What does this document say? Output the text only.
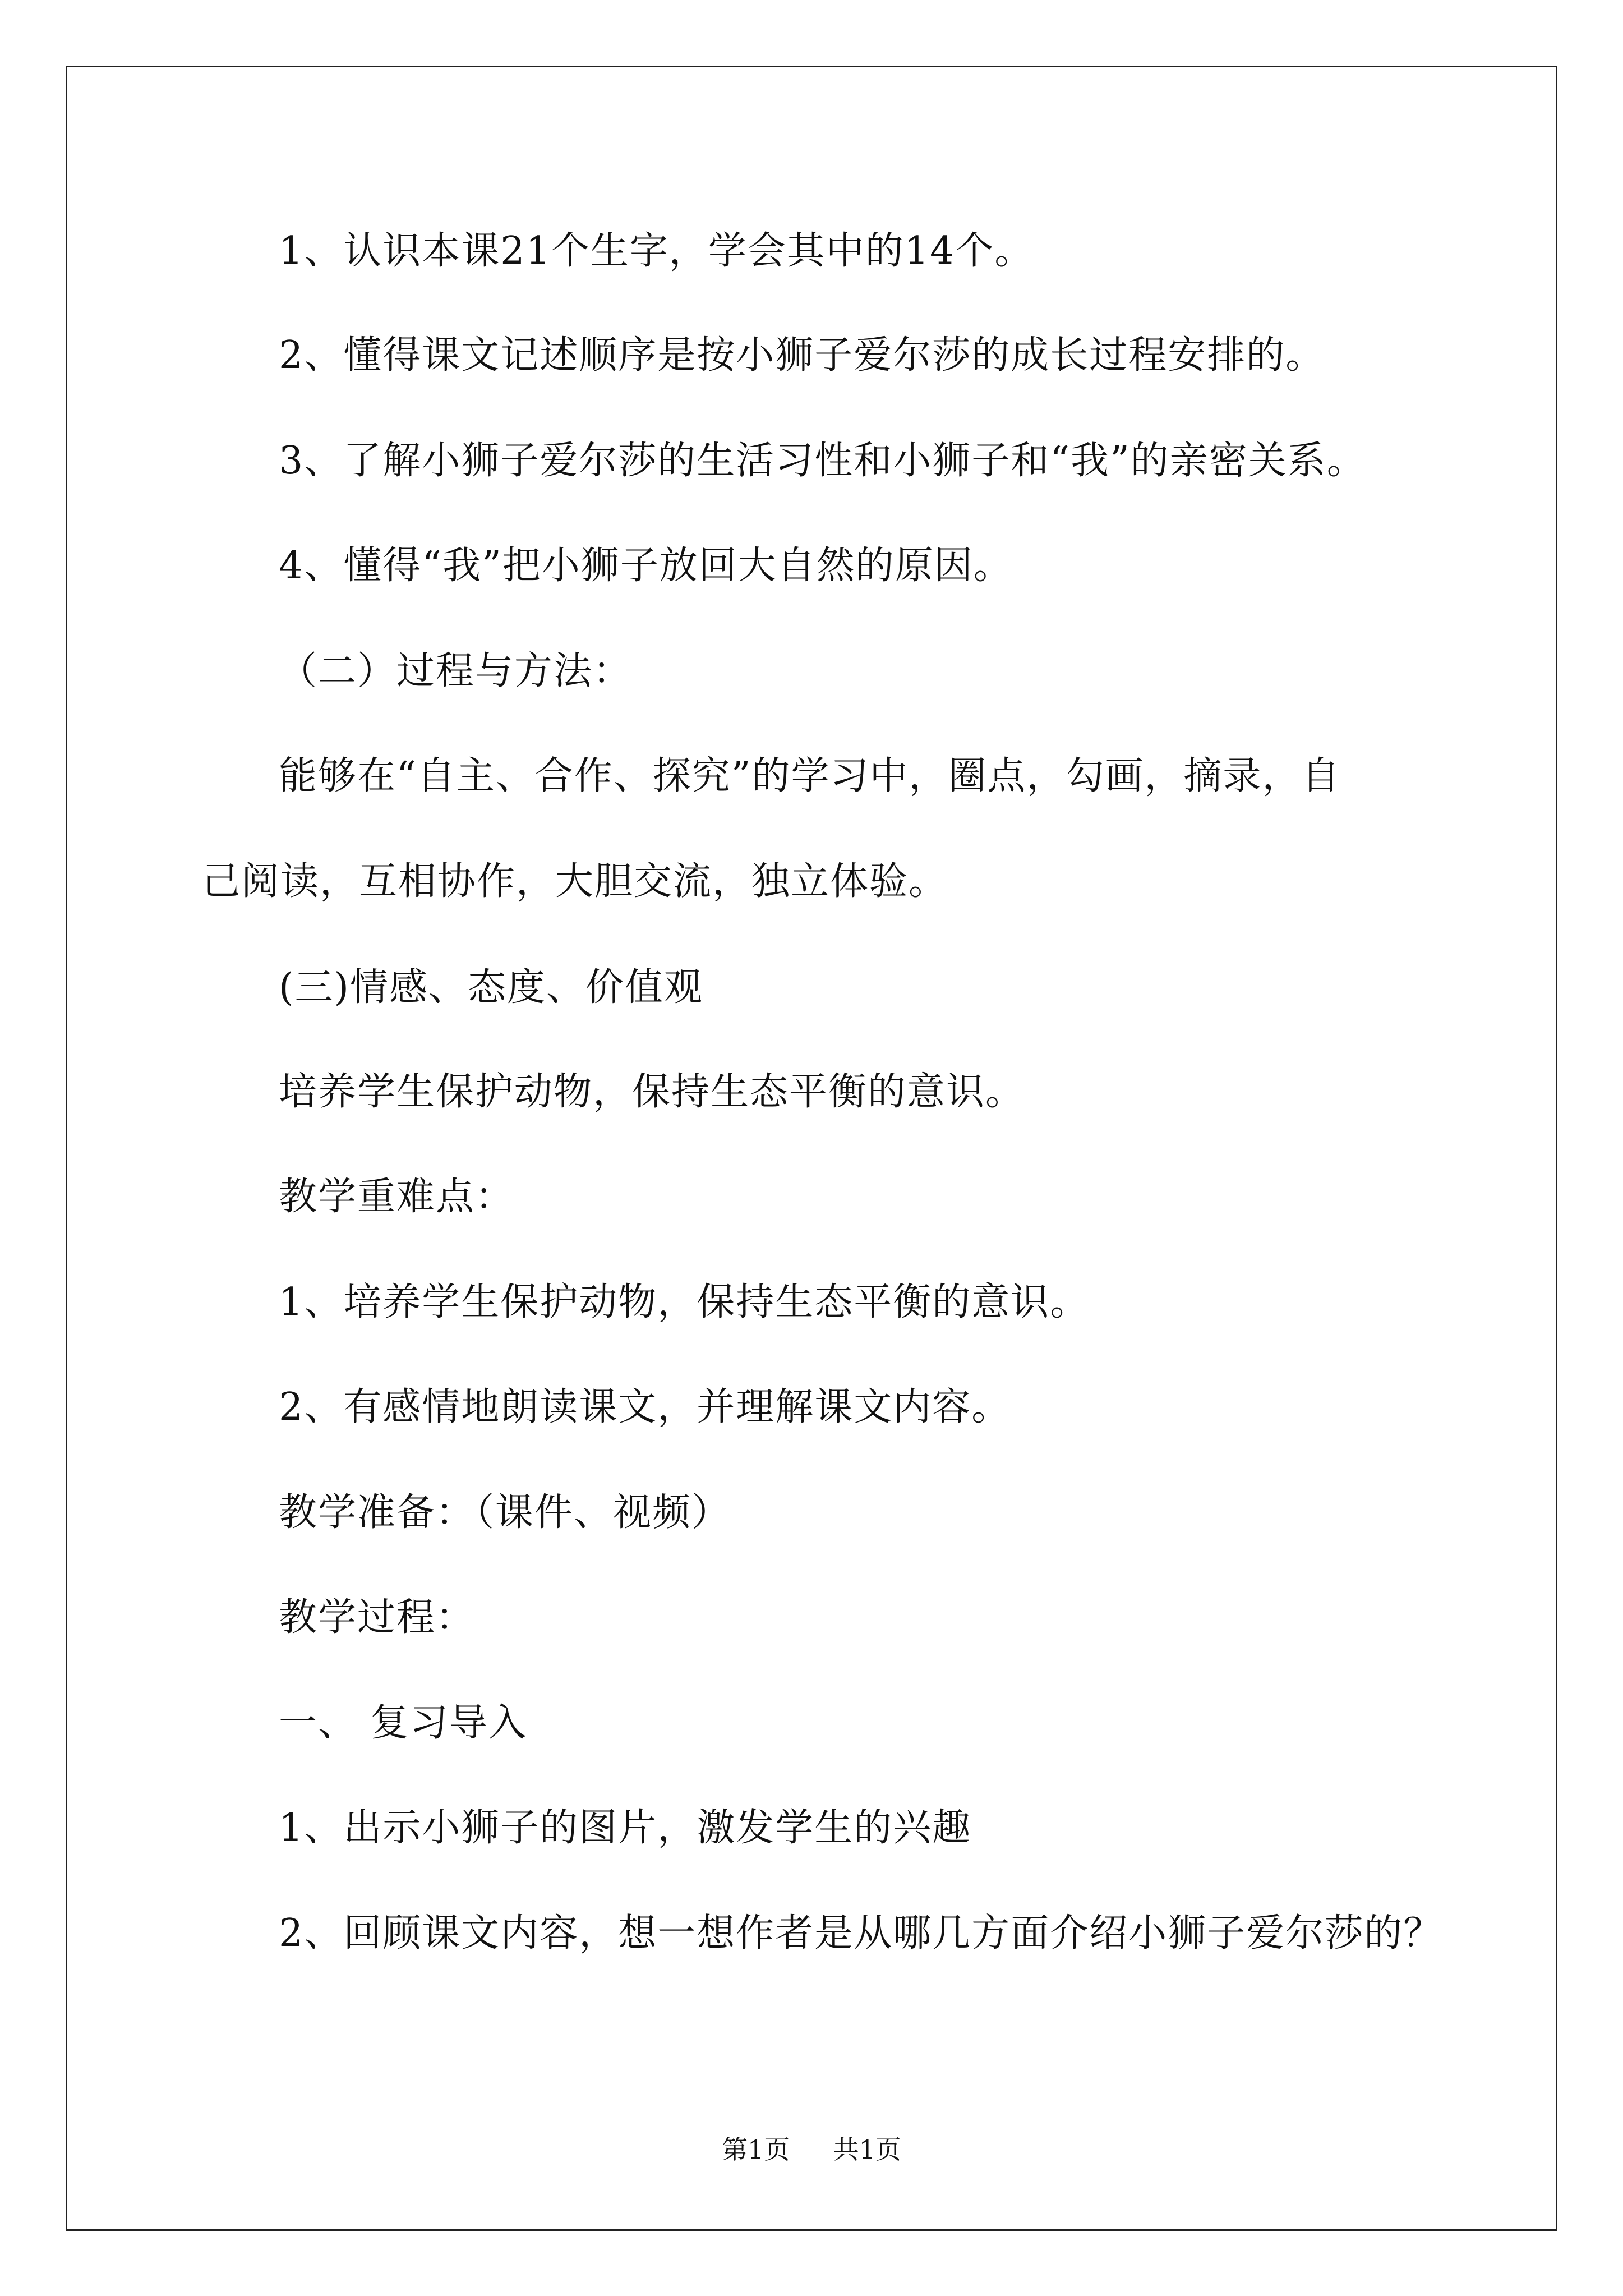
1、认识本课21个生字，学会其中的14个。
2、懂得课文记述顺序是按小狮子爱尔莎的成长过程安排的。
3、了解小狮子爱尔莎的生活习性和小狮子和“我”的亲密关系。
4、懂得“我”把小狮子放回大自然的原因。
（二）过程与方法：
能够在“自主、合作、探究”的学习中，圈点，勾画，摘录，自
己阅读，互相协作，大胆交流，独立体验。
(三)情感、态度、价值观
培养学生保护动物，保持生态平衡的意识。
教学重难点：
1、培养学生保护动物，保持生态平衡的意识。
2、有感情地朗读课文，并理解课文内容。
教学准备：（课件、视频）
教学过程：
一、 复习导入
1、出示小狮子的图片，激发学生的兴趣
2、回顾课文内容，想一想作者是从哪几方面介绍小狮子爱尔莎的？
第1页 共1页
